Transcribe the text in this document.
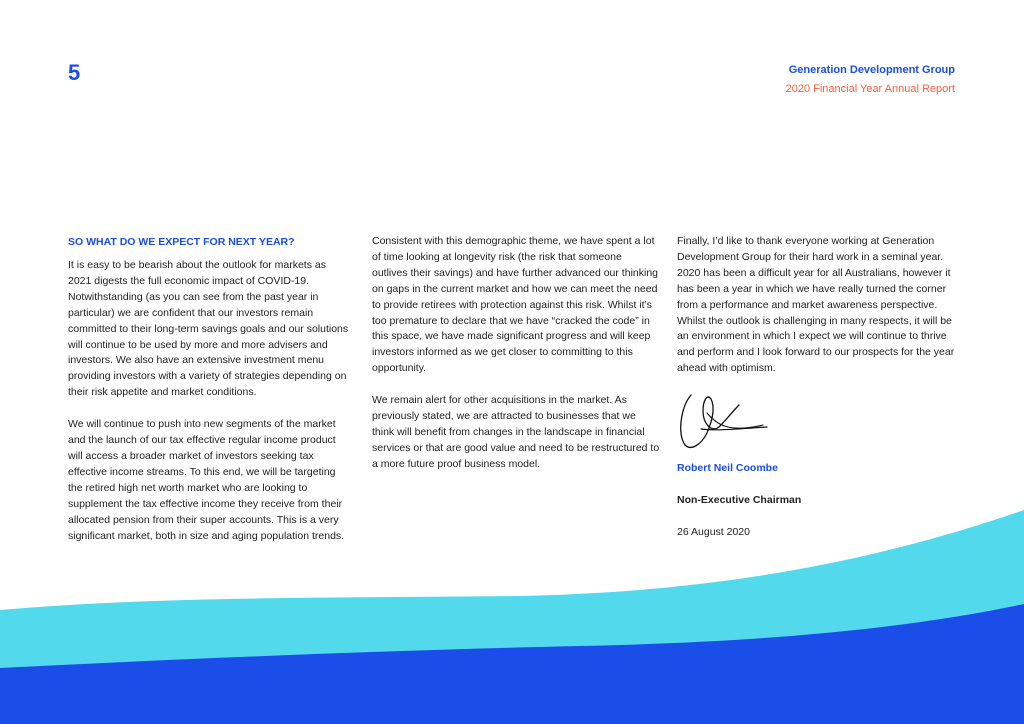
5	Generation Development Group
2020 Financial Year Annual Report
SO WHAT DO WE EXPECT FOR NEXT YEAR?

It is easy to be bearish about the outlook for markets as 2021 digests the full economic impact of COVID-19. Notwithstanding (as you can see from the past year in particular) we are confident that our investors remain committed to their long-term savings goals and our solutions will continue to be used by more and more advisers and investors. We also have an extensive investment menu providing investors with a variety of strategies depending on their risk appetite and market conditions.

We will continue to push into new segments of the market and the launch of our tax effective regular income product will access a broader market of investors seeking tax effective income streams. To this end, we will be targeting the retired high net worth market who are looking to supplement the tax effective income they receive from their allocated pension from their super accounts. This is a very significant market, both in size and aging population trends.

Consistent with this demographic theme, we have spent a lot of time looking at longevity risk (the risk that someone outlives their savings) and have further advanced our thinking on gaps in the current market and how we can meet the need to provide retirees with protection against this risk. Whilst it’s too premature to declare that we have “cracked the code” in this space, we have made significant progress and will keep investors informed as we get closer to committing to this opportunity.

We remain alert for other acquisitions in the market. As previously stated, we are attracted to businesses that we think will benefit from changes in the landscape in financial services or that are good value and need to be restructured to a more future proof business model.

Finally, I’d like to thank everyone working at Generation Development Group for their hard work in a seminal year. 2020 has been a difficult year for all Australians, however it has been a year in which we have really turned the corner from a performance and market awareness perspective. Whilst the outlook is challenging in many respects, it will be an environment in which I expect we will continue to thrive and perform and I look forward to our prospects for the year ahead with optimism.

Robert Neil Coombe

Non-Executive Chairman

26 August 2020
